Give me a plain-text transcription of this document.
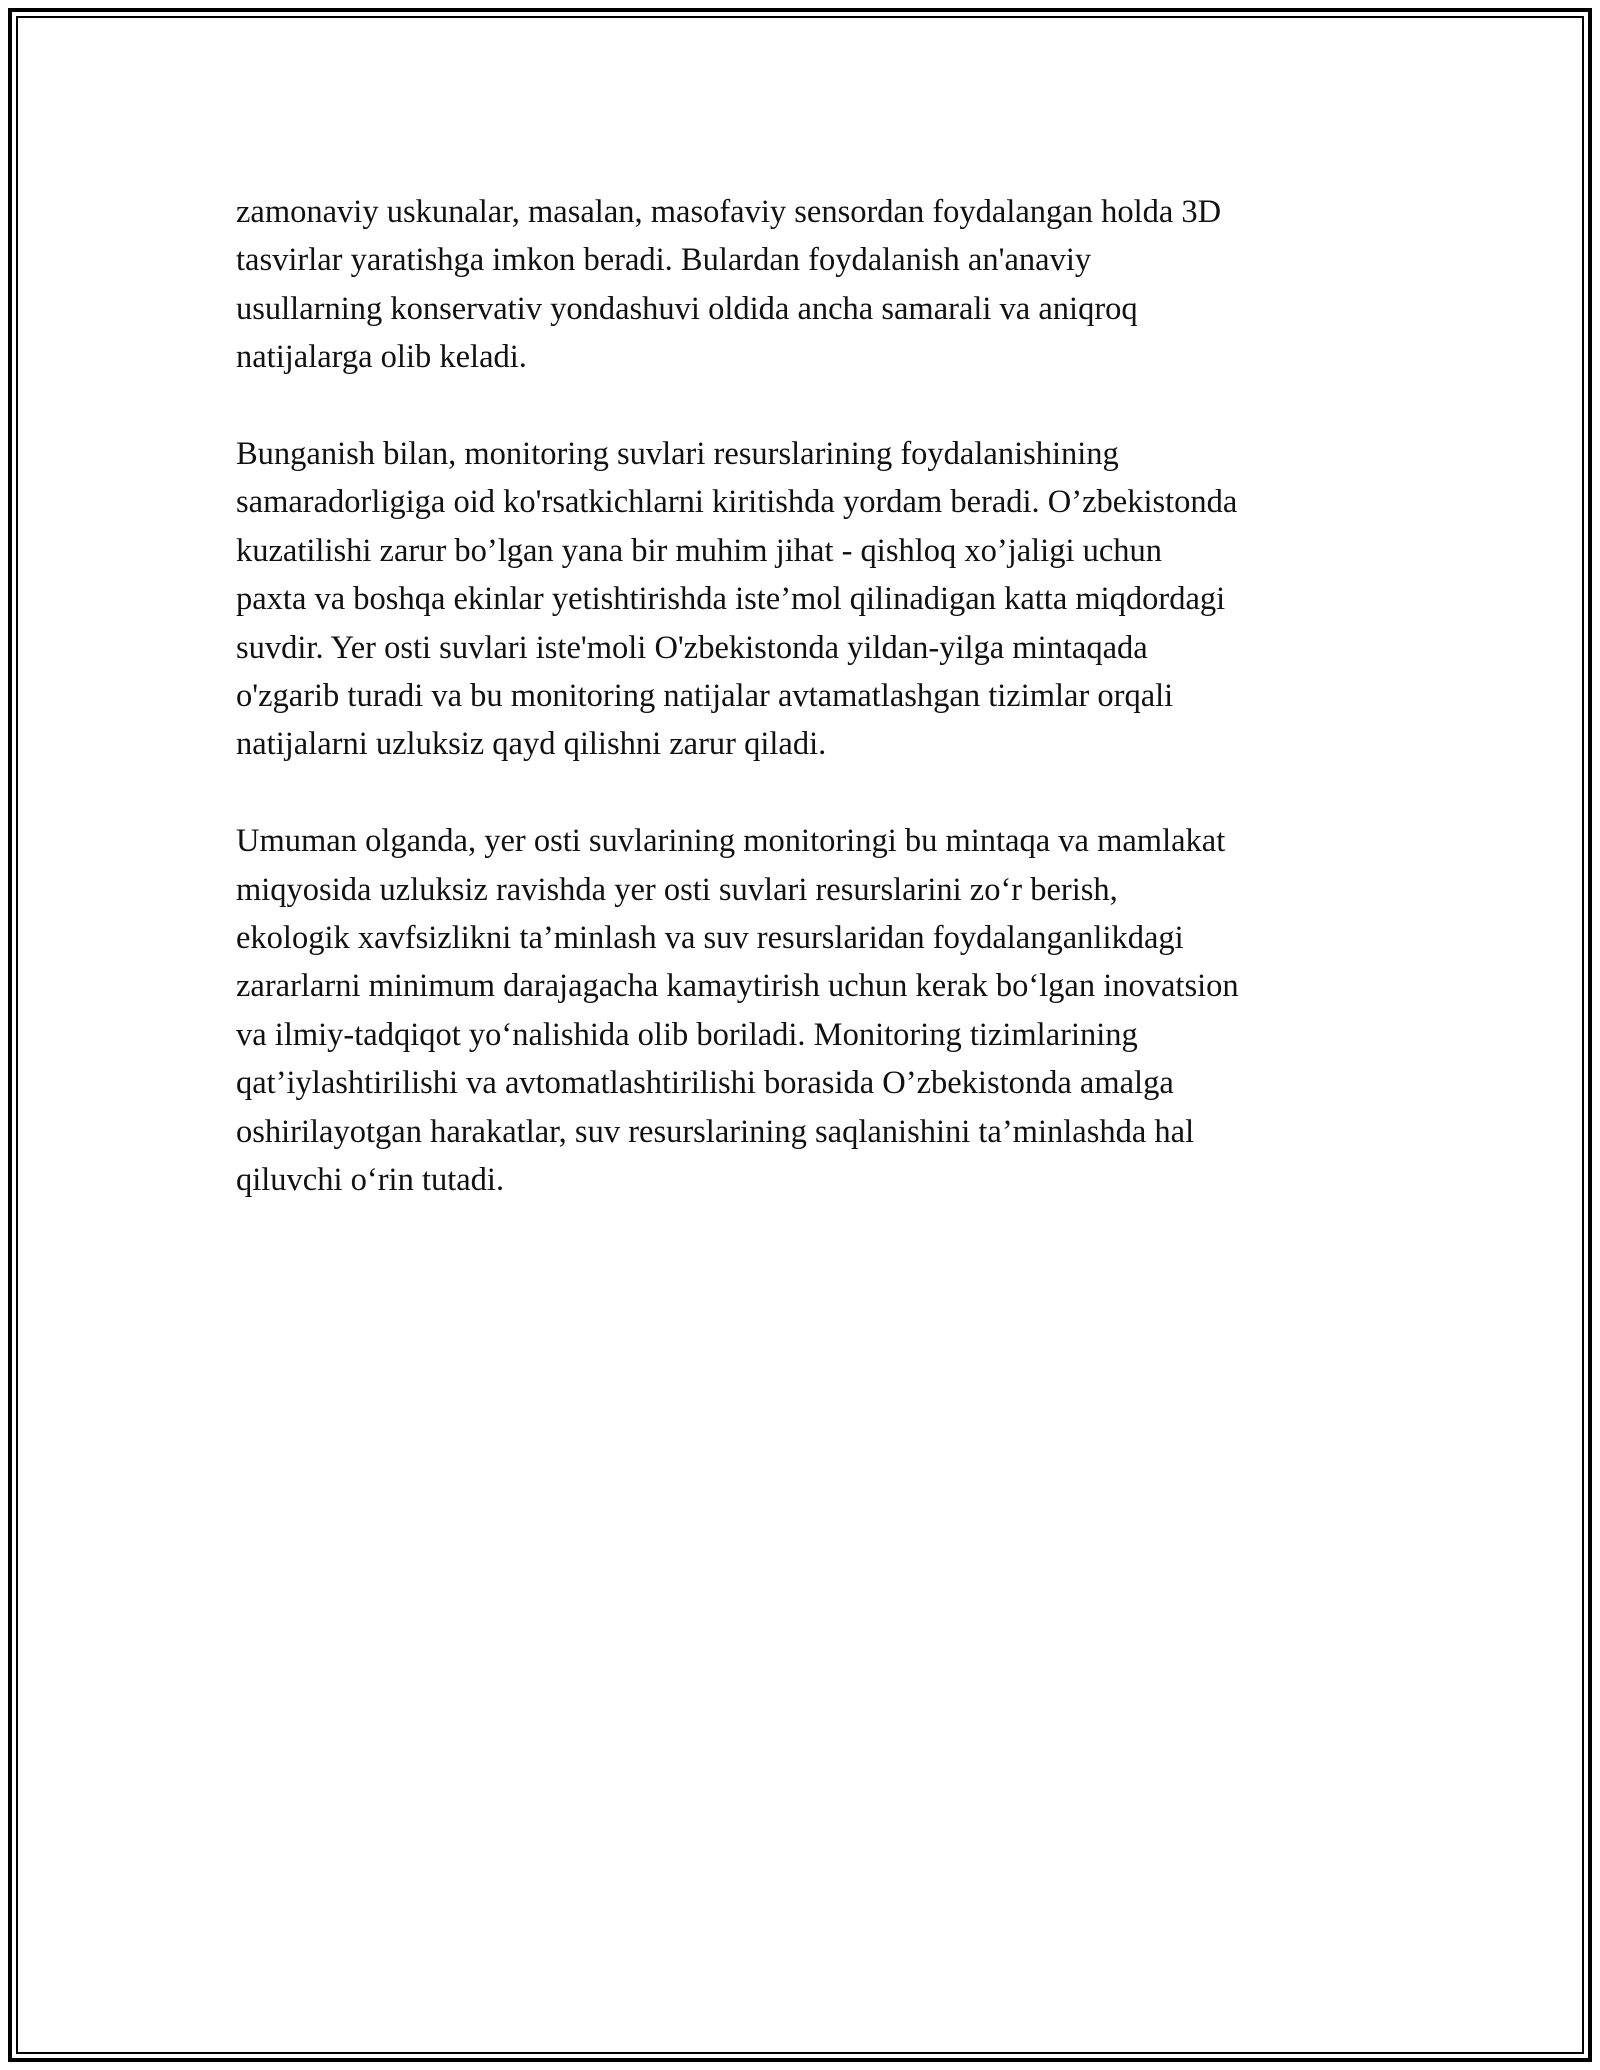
zamonaviy uskunalar, masalan, masofaviy sensordan foydalangan holda 3D
tasvirlar yaratishga imkon beradi. Bulardan foydalanish an'anaviy
usullarning konservativ yondashuvi oldida ancha samarali va aniqroq
natijalarga olib keladi.

Bunganish bilan, monitoring suvlari resurslarining foydalanishining
samaradorligiga oid ko'rsatkichlarni kiritishda yordam beradi. O’zbekistonda
kuzatilishi zarur bo’lgan yana bir muhim jihat - qishloq xo’jaligi uchun
paxta va boshqa ekinlar yetishtirishda iste’mol qilinadigan katta miqdordagi
suvdir. Yer osti suvlari iste'moli O'zbekistonda yildan-yilga mintaqada
o'zgarib turadi va bu monitoring natijalar avtamatlashgan tizimlar orqali
natijalarni uzluksiz qayd qilishni zarur qiladi.

Umuman olganda, yer osti suvlarining monitoringi bu mintaqa va mamlakat
miqyosida uzluksiz ravishda yer osti suvlari resurslarini zo‘r berish,
ekologik xavfsizlikni ta’minlash va suv resurslaridan foydalanganlikdagi
zararlarni minimum darajagacha kamaytirish uchun kerak bo‘lgan inovatsion
va ilmiy-tadqiqot yo‘nalishida olib boriladi. Monitoring tizimlarining
qat’iylashtirilishi va avtomatlashtirilishi borasida O’zbekistonda amalga
oshirilayotgan harakatlar, suv resurslarining saqlanishini ta’minlashda hal
qiluvchi o‘rin tutadi.
